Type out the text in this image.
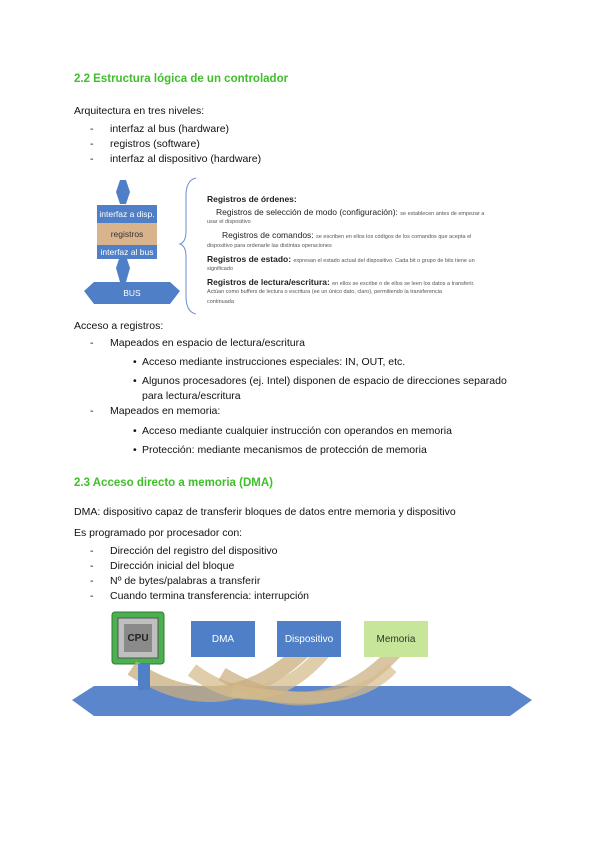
2.2 Estructura lógica de un controlador
Arquitectura en tres niveles:
- interfaz al bus (hardware)
- registros (software)
- interfaz al dispositivo (hardware)
interfaz a disp.
registros
interfaz al bus
BUS
Registros de órdenes:
Registros de selección de modo (configuración): se establecen antes de empezar a
usar el dispositivo
Registros de comandos: se escriben en ellos los códigos de los comandos que acepta el
dispositivo para ordenarle las distintas operaciones
Registros de estado: expresan el estado actual del dispositivo. Cada bit o grupo de bits tiene un
significado
Registros de lectura/escritura: en ellos se escribe o de ellos se leen los datos a transferir.
Actúan como buffers de lectura o escritura (ee un único dato, claro), permitiendo la transferencia
continuada
Acceso a registros:
- Mapeados en espacio de lectura/escritura
• Acceso mediante instrucciones especiales: IN, OUT, etc.
• Algunos procesadores (ej. Intel) disponen de espacio de direcciones separado
para lectura/escritura
- Mapeados en memoria:
• Acceso mediante cualquier instrucción con operandos en memoria
• Protección: mediante mecanismos de protección de memoria
2.3 Acceso directo a memoria (DMA)
DMA: dispositivo capaz de transferir bloques de datos entre memoria y dispositivo
Es programado por procesador con:
- Dirección del registro del dispositivo
- Dirección inicial del bloque
- Nº de bytes/palabras a transferir
- Cuando termina transferencia: interrupción
CPU	DMA	Dispositivo	Memoria
